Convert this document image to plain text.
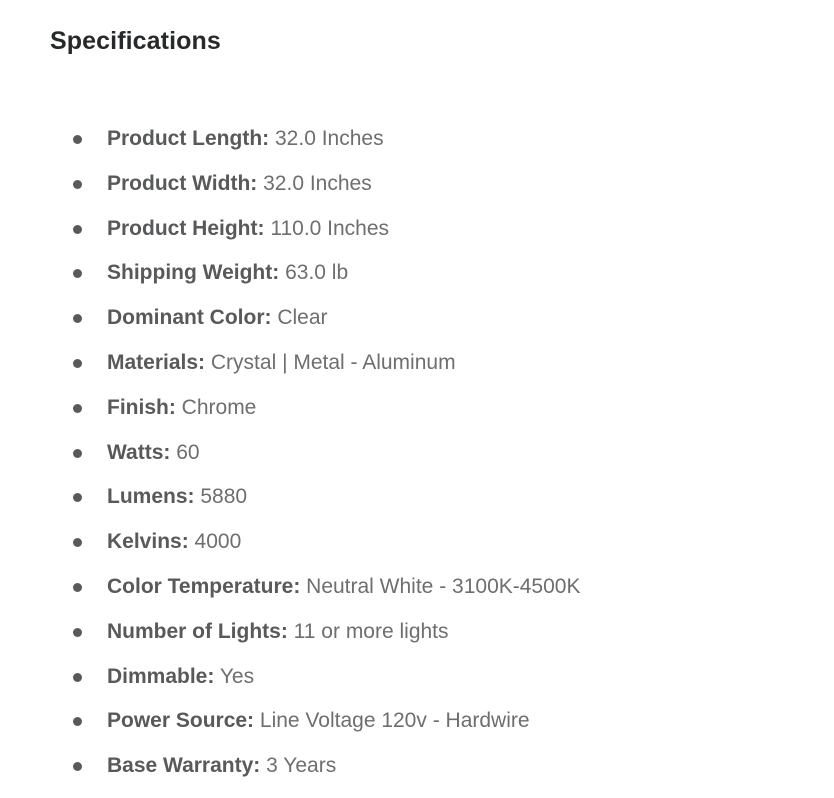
Specifications
Product Length: 32.0 Inches
Product Width: 32.0 Inches
Product Height: 110.0 Inches
Shipping Weight: 63.0 lb
Dominant Color: Clear
Materials: Crystal | Metal - Aluminum
Finish: Chrome
Watts: 60
Lumens: 5880
Kelvins: 4000
Color Temperature: Neutral White - 3100K-4500K
Number of Lights: 11 or more lights
Dimmable: Yes
Power Source: Line Voltage 120v - Hardwire
Base Warranty: 3 Years
